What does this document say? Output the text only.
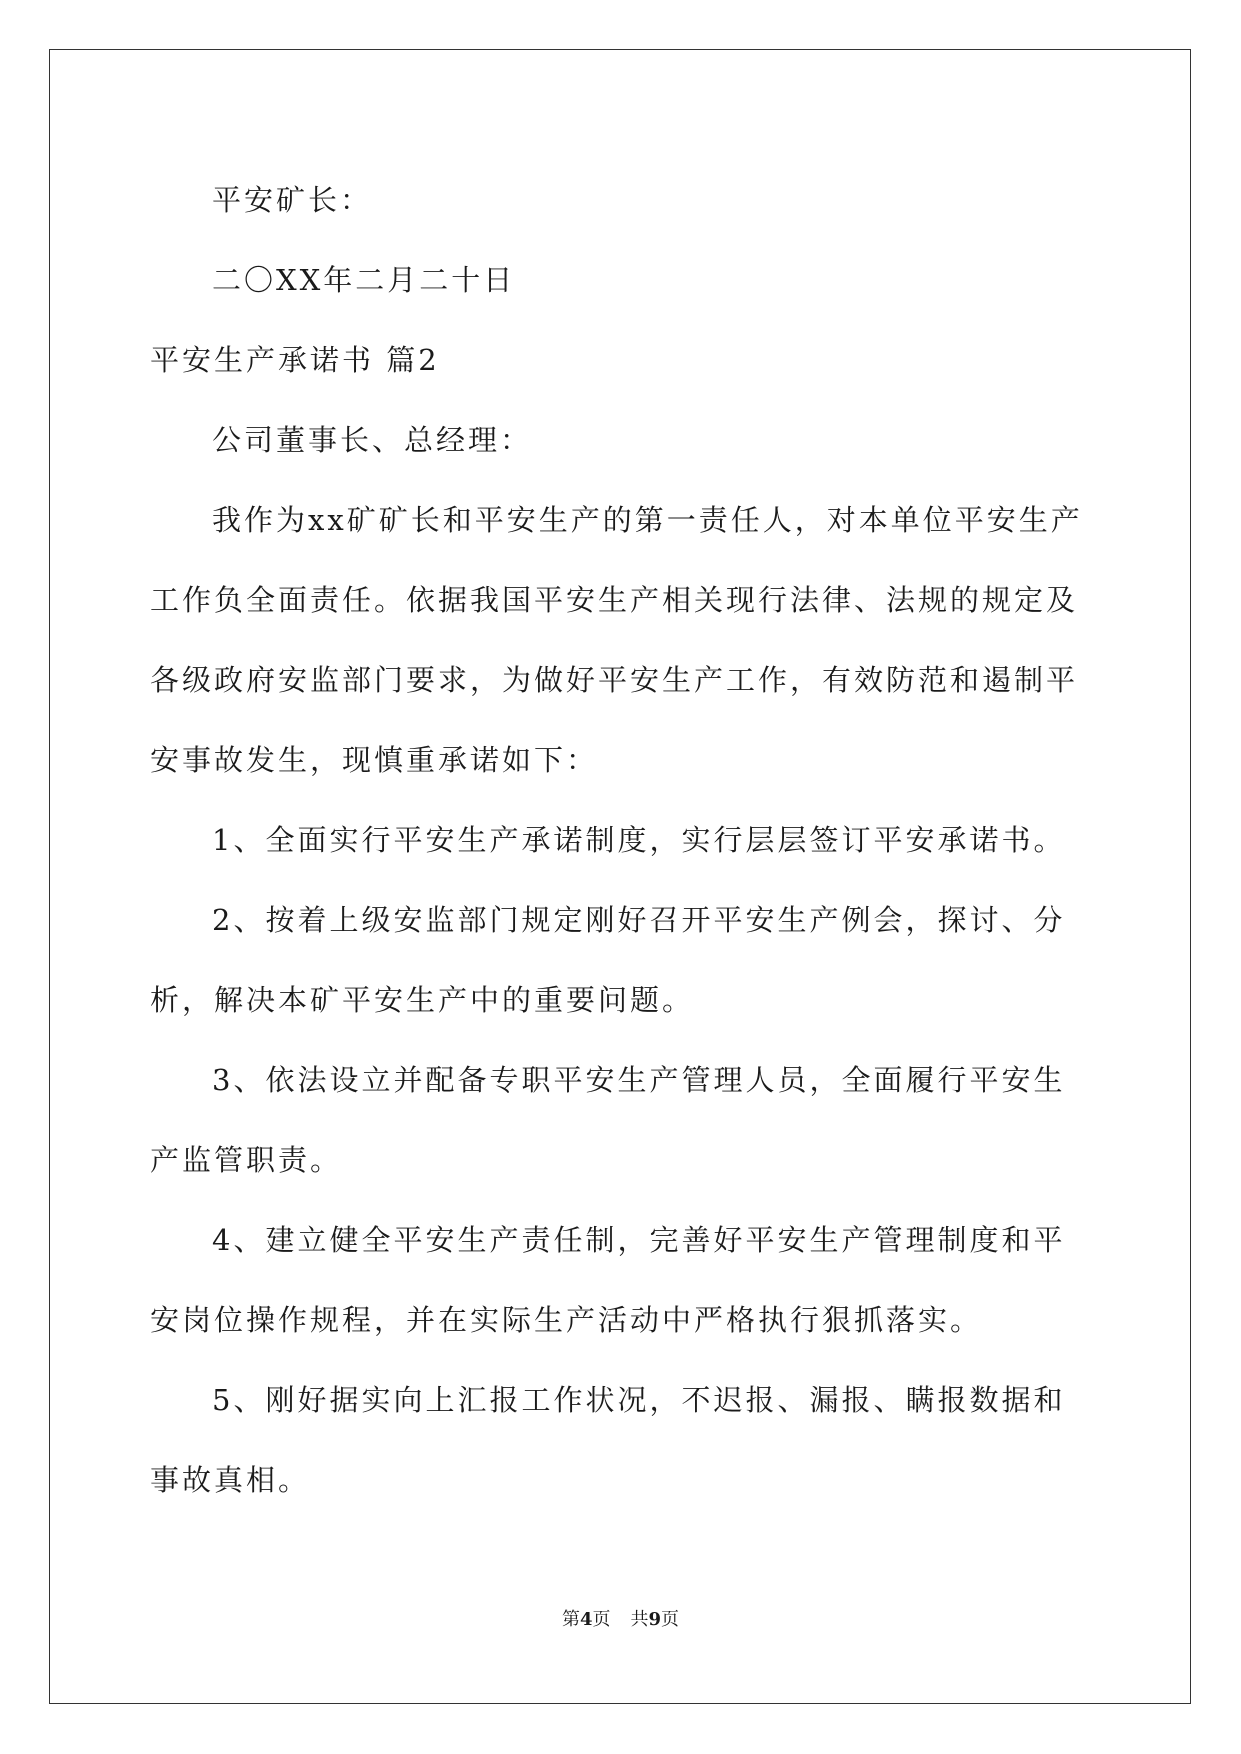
平安矿长：

二〇XX年二月二十日

平安生产承诺书 篇2

公司董事长、总经理：

我作为xx矿矿长和平安生产的第一责任人，对本单位平安生产工作负全面责任。依据我国平安生产相关现行法律、法规的规定及各级政府安监部门要求，为做好平安生产工作，有效防范和遏制平安事故发生，现慎重承诺如下：

1、全面实行平安生产承诺制度，实行层层签订平安承诺书。

2、按着上级安监部门规定刚好召开平安生产例会，探讨、分析，解决本矿平安生产中的重要问题。

3、依法设立并配备专职平安生产管理人员，全面履行平安生产监管职责。

4、建立健全平安生产责任制，完善好平安生产管理制度和平安岗位操作规程，并在实际生产活动中严格执行狠抓落实。

5、刚好据实向上汇报工作状况，不迟报、漏报、瞒报数据和事故真相。

第4页 共9页
